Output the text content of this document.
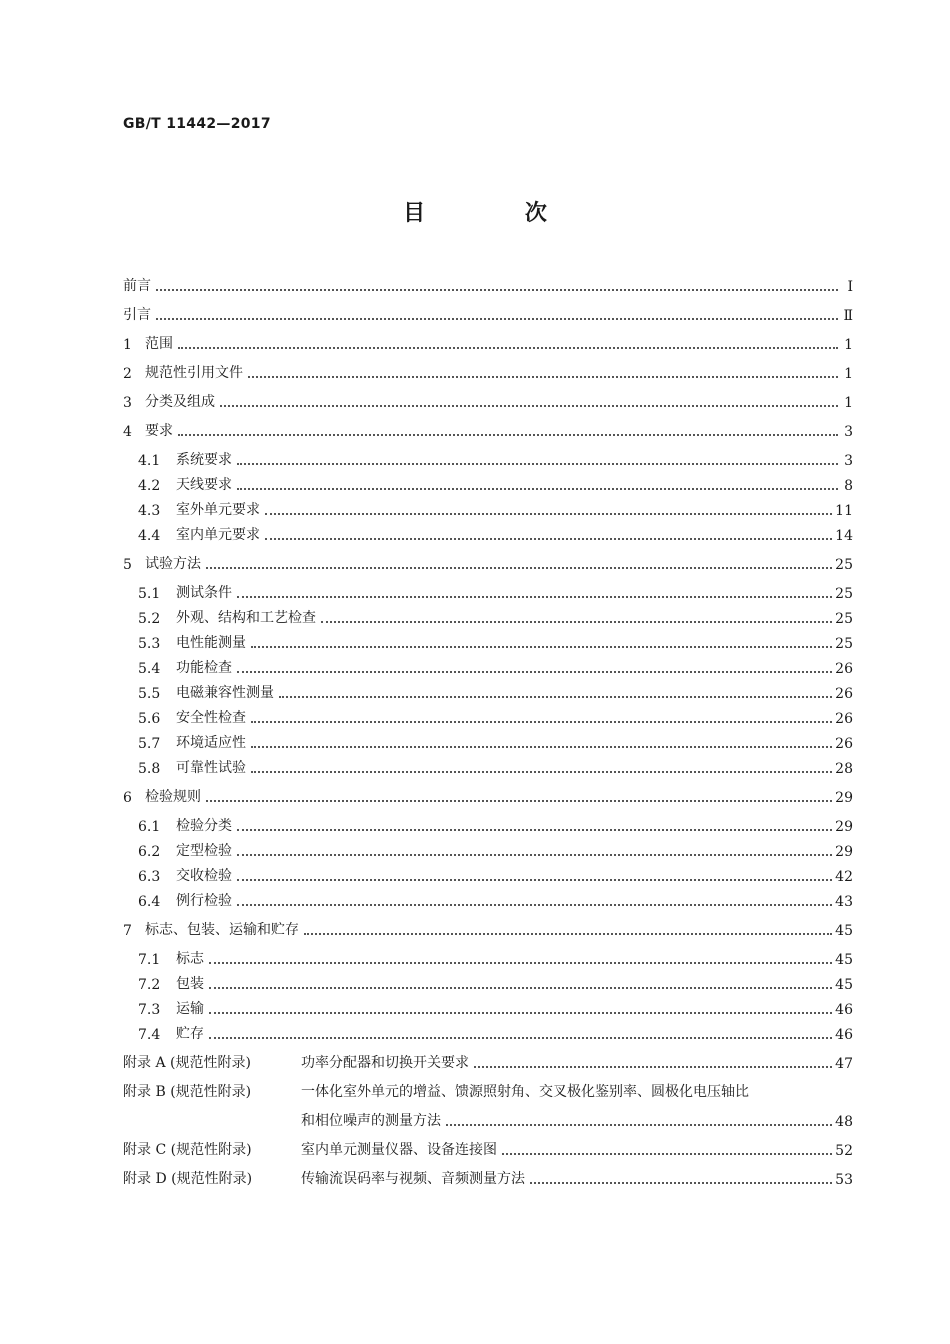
GB/T 11442—2017
目 次
前言	Ⅰ
引言	Ⅱ
1 范围	1
2 规范性引用文件	1
3 分类及组成	1
4 要求	3
4.1	系统要求	3
4.2	天线要求	8
4.3	室外单元要求	11
4.4	室内单元要求	14
5 试验方法	25
5.1	测试条件	25
5.2	外观、结构和工艺检查	25
5.3	电性能测量	25
5.4	功能检查	26
5.5	电磁兼容性测量	26
5.6	安全性检查	26
5.7	环境适应性	26
5.8	可靠性试验	28
6 检验规则	29
6.1	检验分类	29
6.2	定型检验	29
6.3	交收检验	42
6.4	例行检验	43
7 标志、包装、运输和贮存	45
7.1	标志	45
7.2	包装	45
7.3	运输	46
7.4	贮存	46
附录 A (规范性附录)	功率分配器和切换开关要求	47
附录 B (规范性附录)	一体化室外单元的增益、馈源照射角、交叉极化鉴别率、圆极化电压轴比
和相位噪声的测量方法	48
附录 C (规范性附录)	室内单元测量仪器、设备连接图	52
附录 D (规范性附录)	传输流误码率与视频、音频测量方法	53
